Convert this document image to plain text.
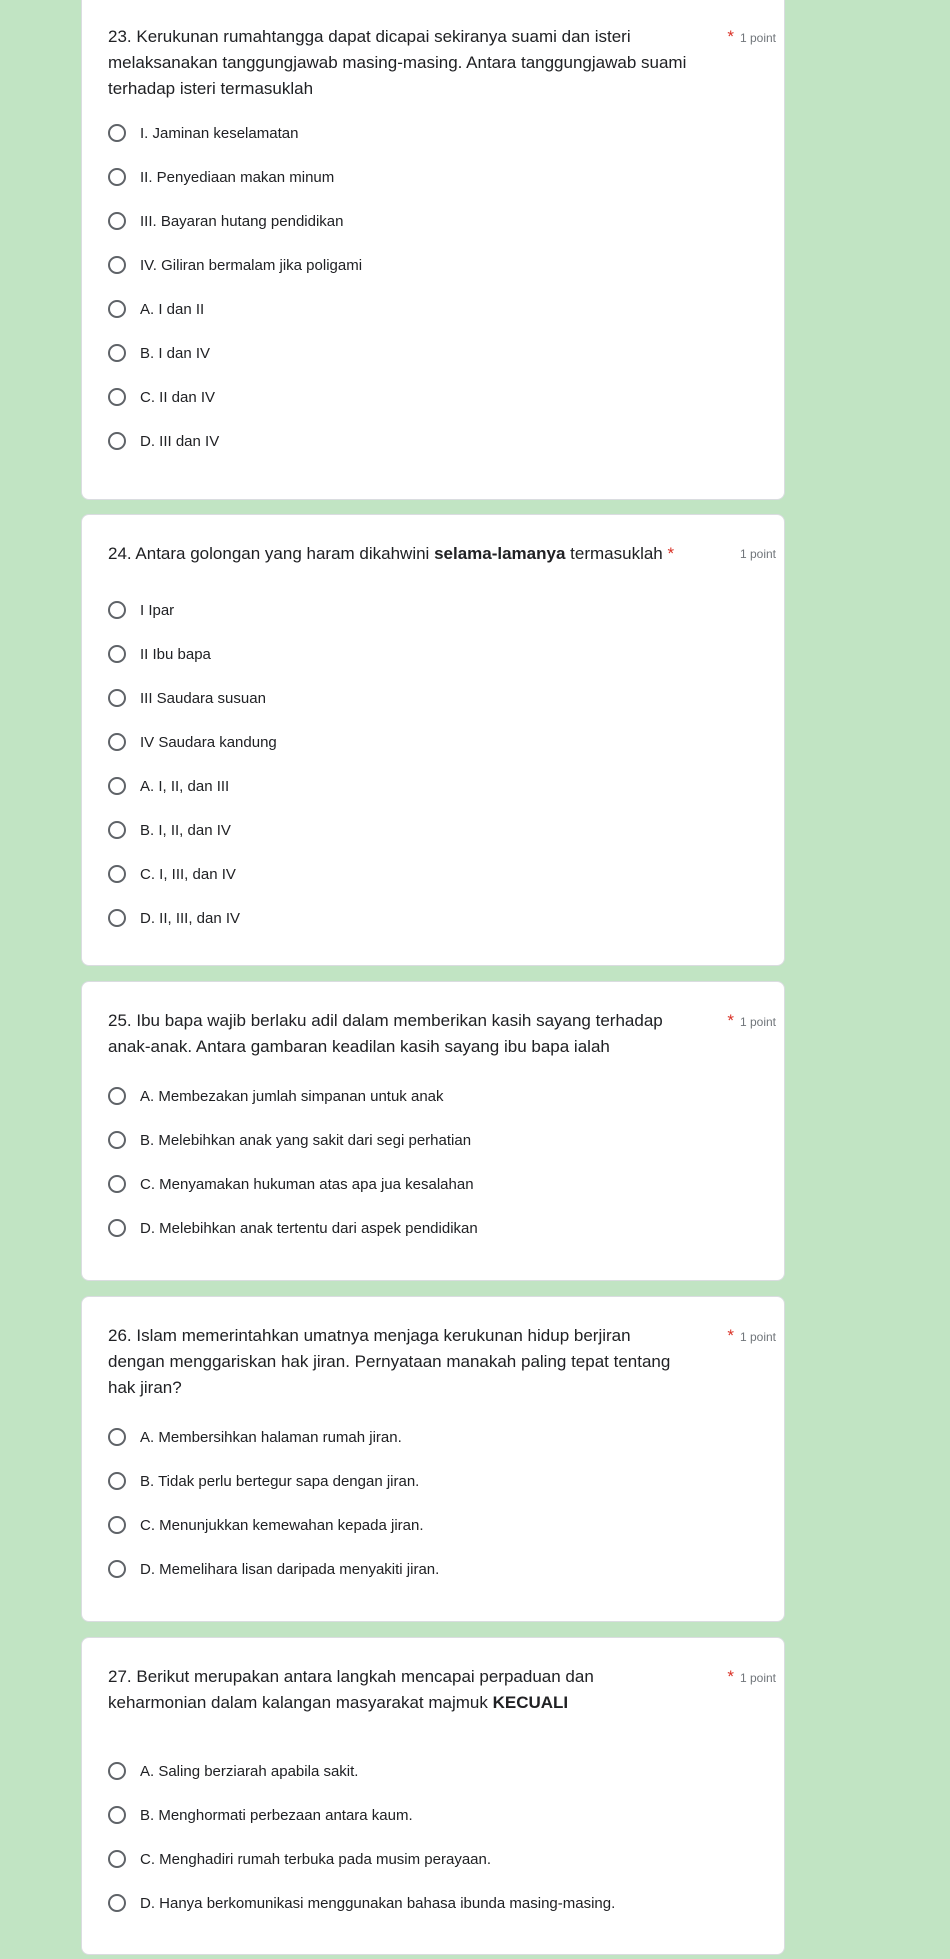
23. Kerukunan rumahtangga dapat dicapai sekiranya suami dan isteri melaksanakan tanggungjawab masing-masing. Antara tanggungjawab suami terhadap isteri termasuklah
* 1 point
I. Jaminan keselamatan
II. Penyediaan makan minum
III. Bayaran hutang pendidikan
IV. Giliran bermalam jika poligami
A. I dan II
B. I dan IV
C. II dan IV
D. III dan IV
24. Antara golongan yang haram dikahwini selama-lamanya termasuklah *	1 point
I Ipar
II Ibu bapa
III Saudara susuan
IV Saudara kandung
A. I, II, dan III
B. I, II, dan IV
C. I, III, dan IV
D. II, III, dan IV
25. Ibu bapa wajib berlaku adil dalam memberikan kasih sayang terhadap anak-anak. Antara gambaran keadilan kasih sayang ibu bapa ialah
* 1 point
A. Membezakan jumlah simpanan untuk anak
B. Melebihkan anak yang sakit dari segi perhatian
C. Menyamakan hukuman atas apa jua kesalahan
D. Melebihkan anak tertentu dari aspek pendidikan
26. Islam memerintahkan umatnya menjaga kerukunan hidup berjiran dengan menggariskan hak jiran. Pernyataan manakah paling tepat tentang hak jiran?
* 1 point
A. Membersihkan halaman rumah jiran.
B. Tidak perlu bertegur sapa dengan jiran.
C. Menunjukkan kemewahan kepada jiran.
D. Memelihara lisan daripada menyakiti jiran.
27. Berikut merupakan antara langkah mencapai perpaduan dan keharmonian dalam kalangan masyarakat majmuk KECUALI
* 1 point
A. Saling berziarah apabila sakit.
B. Menghormati perbezaan antara kaum.
C. Menghadiri rumah terbuka pada musim perayaan.
D. Hanya berkomunikasi menggunakan bahasa ibunda masing-masing.
